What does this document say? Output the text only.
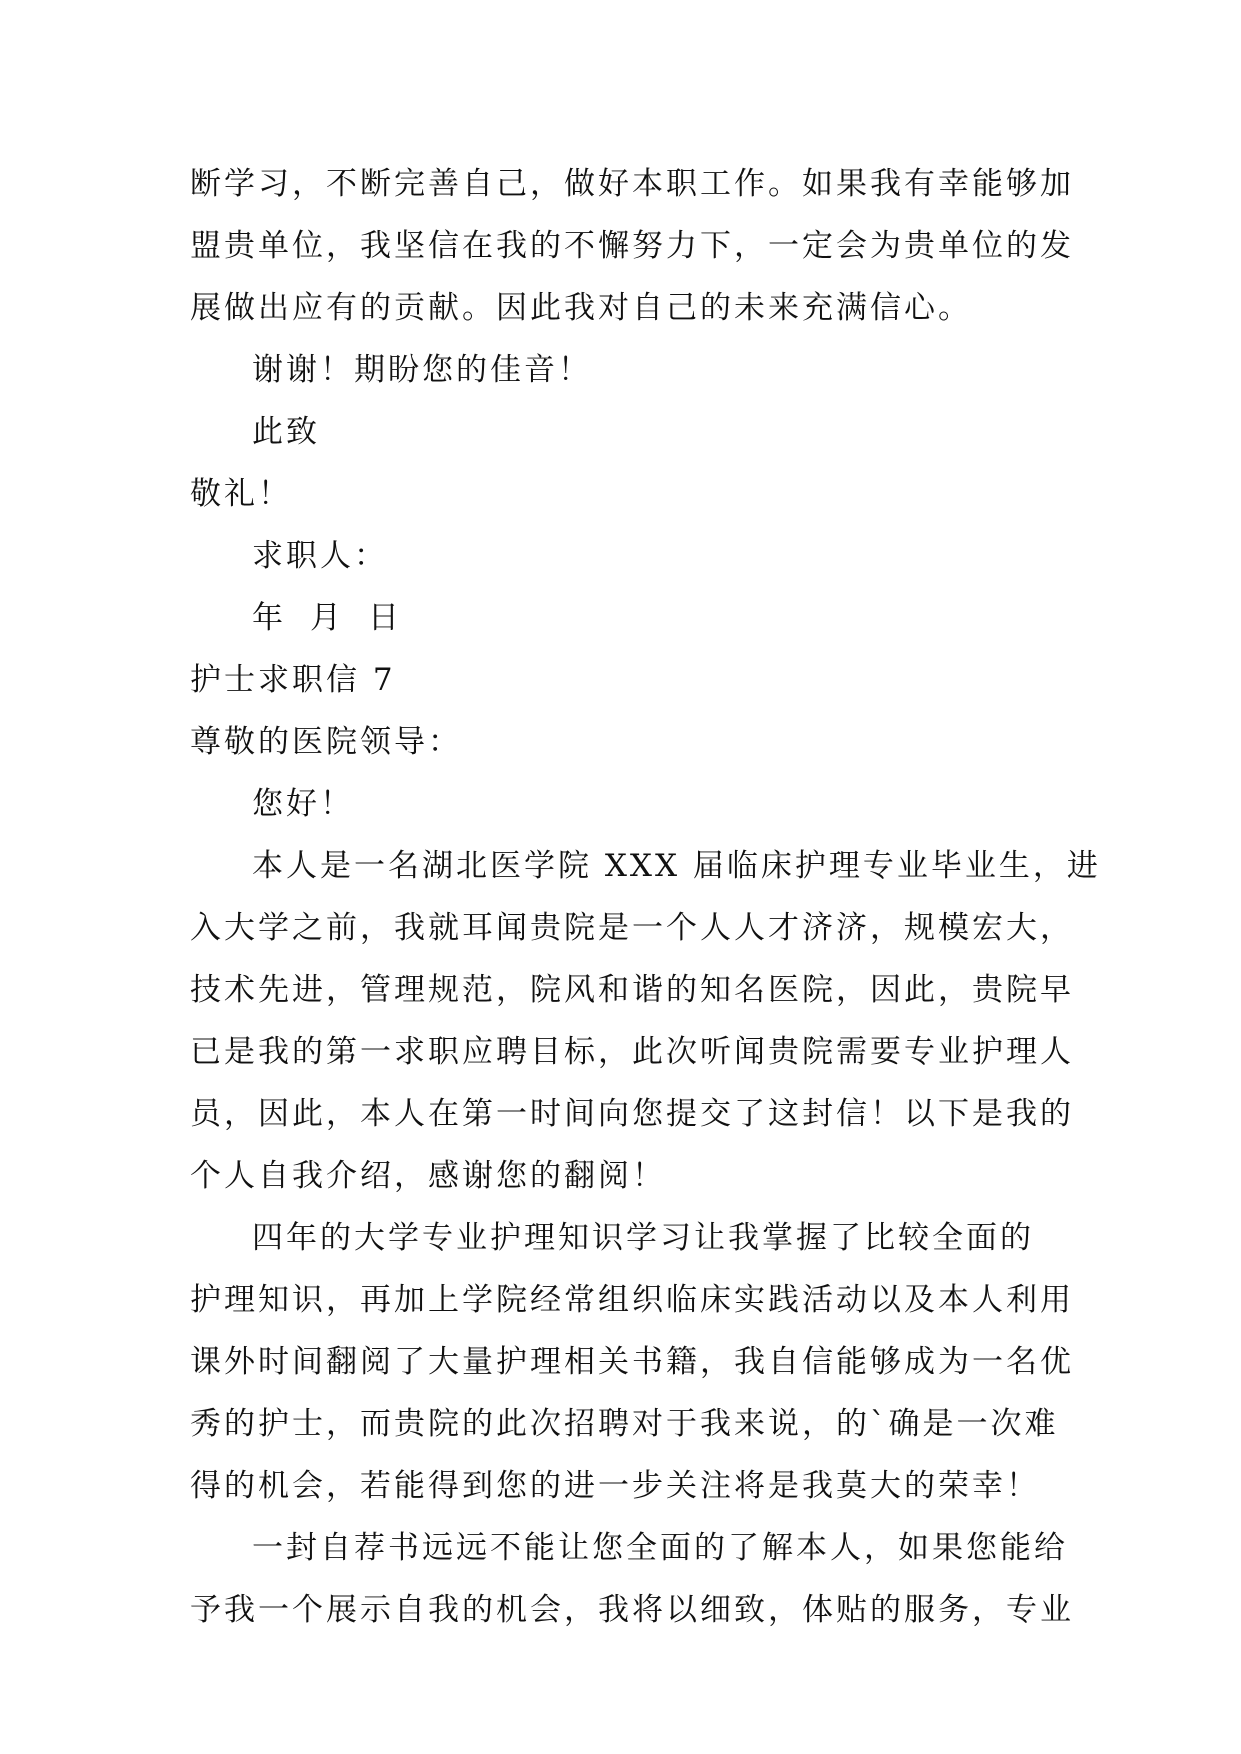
断学习，不断完善自己，做好本职工作。如果我有幸能够加
盟贵单位，我坚信在我的不懈努力下，一定会为贵单位的发
展做出应有的贡献。因此我对自己的未来充满信心。
谢谢！期盼您的佳音！
此致
敬礼！
求职人：
年 月 日
护士求职信 7
尊敬的医院领导：
您好！
本人是一名湖北医学院 XXX 届临床护理专业毕业生，进
入大学之前，我就耳闻贵院是一个人人才济济，规模宏大，
技术先进，管理规范，院风和谐的知名医院，因此，贵院早
已是我的第一求职应聘目标，此次听闻贵院需要专业护理人
员，因此，本人在第一时间向您提交了这封信！以下是我的
个人自我介绍，感谢您的翻阅！
四年的大学专业护理知识学习让我掌握了比较全面的
护理知识，再加上学院经常组织临床实践活动以及本人利用
课外时间翻阅了大量护理相关书籍，我自信能够成为一名优
秀的护士，而贵院的此次招聘对于我来说，的`确是一次难
得的机会，若能得到您的进一步关注将是我莫大的荣幸！
一封自荐书远远不能让您全面的了解本人，如果您能给
予我一个展示自我的机会，我将以细致，体贴的服务，专业
